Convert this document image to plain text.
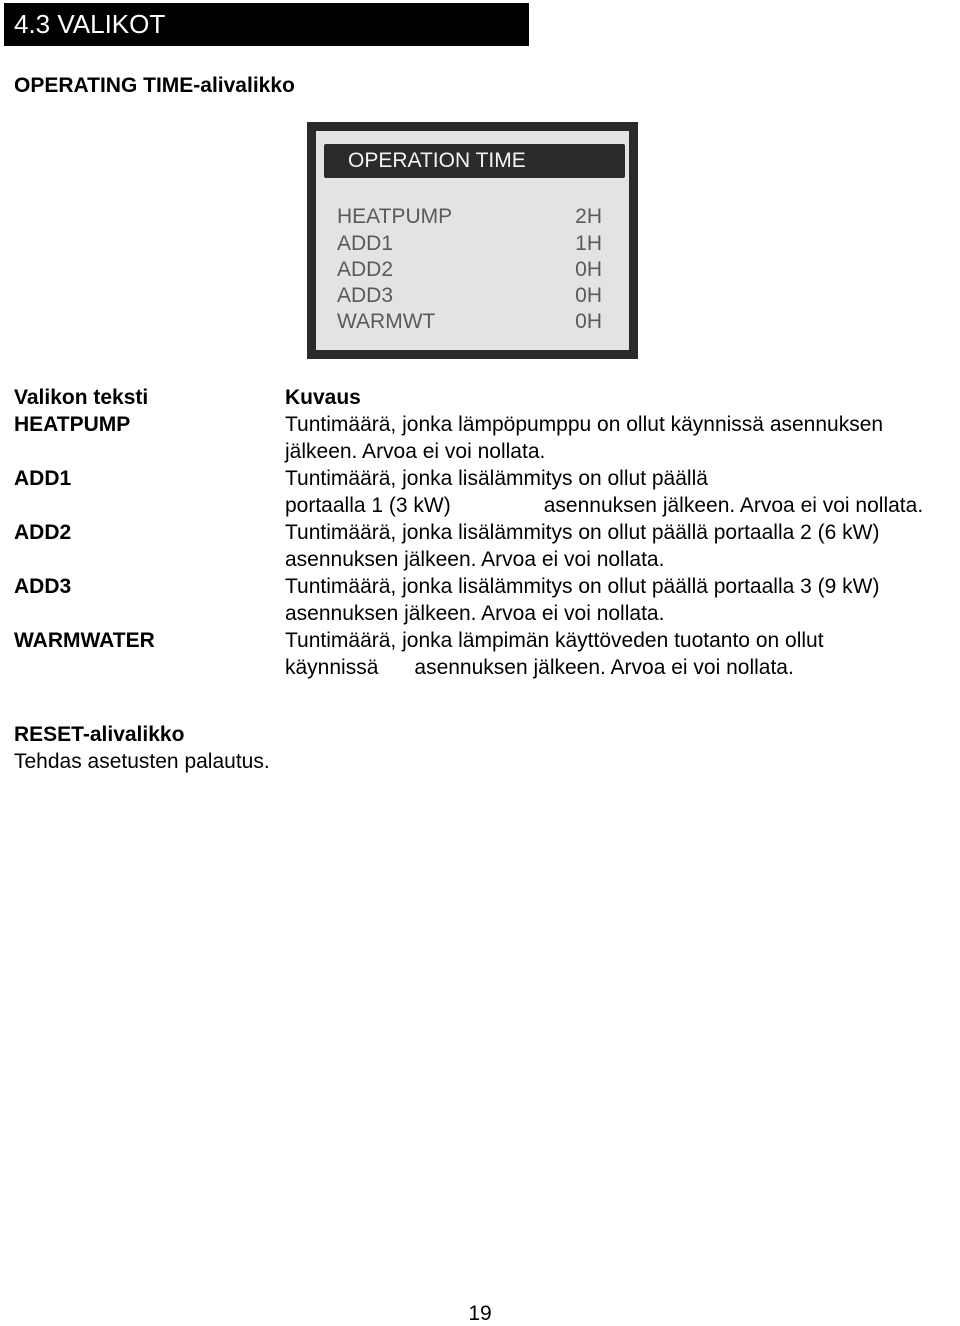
4.3 VALIKOT
OPERATING TIME-alivalikko
OPERATION TIME
HEATPUMP	2H
ADD1	1H
ADD2	0H
ADD3	0H
WARMWT	0H
Valikon teksti	Kuvaus
HEATPUMP	Tuntimäärä, jonka lämpöpumppu on ollut käynnissä asennuksen
jälkeen. Arvoa ei voi nollata.
ADD1	Tuntimäärä, jonka lisälämmitys on ollut päällä
portaalla 1 (3 kW)	asennuksen jälkeen. Arvoa ei voi nollata.
ADD2	Tuntimäärä, jonka lisälämmitys on ollut päällä portaalla 2 (6 kW)
asennuksen jälkeen. Arvoa ei voi nollata.
ADD3	Tuntimäärä, jonka lisälämmitys on ollut päällä portaalla 3 (9 kW)
asennuksen jälkeen. Arvoa ei voi nollata.
WARMWATER	Tuntimäärä, jonka lämpimän käyttöveden tuotanto on ollut
käynnissä asennuksen jälkeen. Arvoa ei voi nollata.
RESET-alivalikko
Tehdas asetusten palautus.
19
